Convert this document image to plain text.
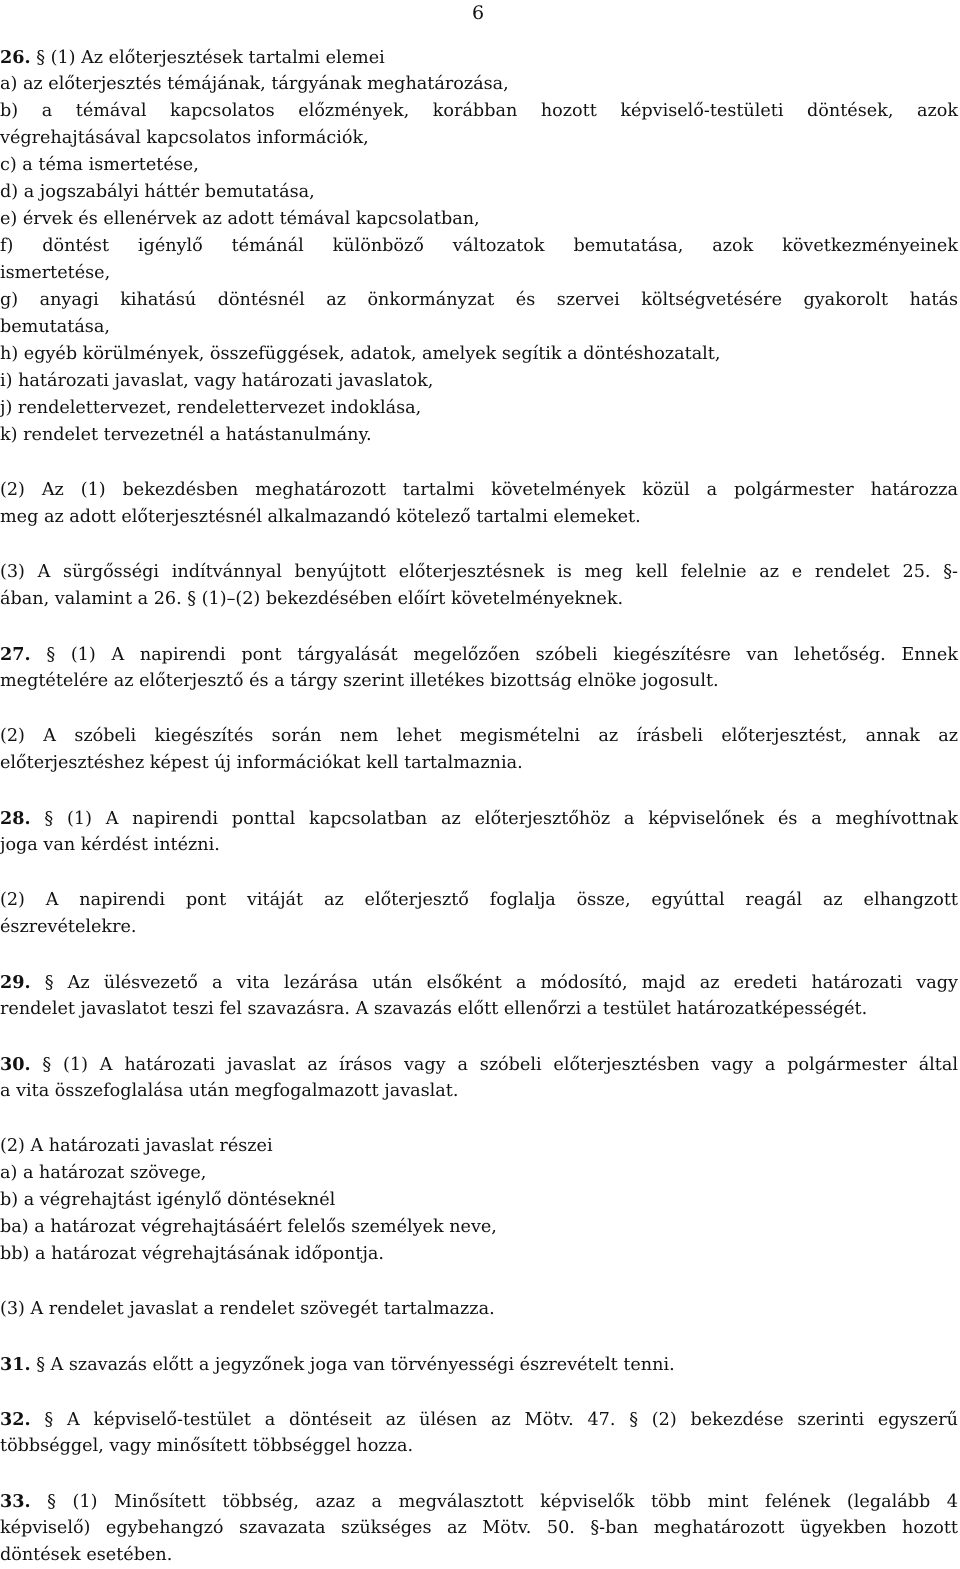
6
26. § (1) Az előterjesztések tartalmi elemei
a) az előterjesztés témájának, tárgyának meghatározása,
b) a témával kapcsolatos előzmények, korábban hozott képviselő-testületi döntések, azok
végrehajtásával kapcsolatos információk,
c) a téma ismertetése,
d) a jogszabályi háttér bemutatása,
e) érvek és ellenérvek az adott témával kapcsolatban,
f) döntést igénylő témánál különböző változatok bemutatása, azok következményeinek
ismertetése,
g) anyagi kihatású döntésnél az önkormányzat és szervei költségvetésére gyakorolt hatás
bemutatása,
h) egyéb körülmények, összefüggések, adatok, amelyek segítik a döntéshozatalt,
i) határozati javaslat, vagy határozati javaslatok,
j) rendelettervezet, rendelettervezet indoklása,
k) rendelet tervezetnél a hatástanulmány.
(2) Az (1) bekezdésben meghatározott tartalmi követelmények közül a polgármester határozza
meg az adott előterjesztésnél alkalmazandó kötelező tartalmi elemeket.
(3) A sürgősségi indítvánnyal benyújtott előterjesztésnek is meg kell felelnie az e rendelet 25. §-
ában, valamint a 26. § (1)–(2) bekezdésében előírt követelményeknek.
27. § (1) A napirendi pont tárgyalását megelőzően szóbeli kiegészítésre van lehetőség. Ennek
megtételére az előterjesztő és a tárgy szerint illetékes bizottság elnöke jogosult.
(2) A szóbeli kiegészítés során nem lehet megismételni az írásbeli előterjesztést, annak az
előterjesztéshez képest új információkat kell tartalmaznia.
28. § (1) A napirendi ponttal kapcsolatban az előterjesztőhöz a képviselőnek és a meghívottnak
joga van kérdést intézni.
(2) A napirendi pont vitáját az előterjesztő foglalja össze, egyúttal reagál az elhangzott
észrevételekre.
29. § Az ülésvezető a vita lezárása után elsőként a módosító, majd az eredeti határozati vagy
rendelet javaslatot teszi fel szavazásra. A szavazás előtt ellenőrzi a testület határozatképességét.
30. § (1) A határozati javaslat az írásos vagy a szóbeli előterjesztésben vagy a polgármester által
a vita összefoglalása után megfogalmazott javaslat.
(2) A határozati javaslat részei
a) a határozat szövege,
b) a végrehajtást igénylő döntéseknél
ba) a határozat végrehajtásáért felelős személyek neve,
bb) a határozat végrehajtásának időpontja.
(3) A rendelet javaslat a rendelet szövegét tartalmazza.
31. § A szavazás előtt a jegyzőnek joga van törvényességi észrevételt tenni.
32. § A képviselő-testület a döntéseit az ülésen az Mötv. 47. § (2) bekezdése szerinti egyszerű
többséggel, vagy minősített többséggel hozza.
33. § (1) Minősített többség, azaz a megválasztott képviselők több mint felének (legalább 4
képviselő) egybehangzó szavazata szükséges az Mötv. 50. §-ban meghatározott ügyekben hozott
döntések esetében.
